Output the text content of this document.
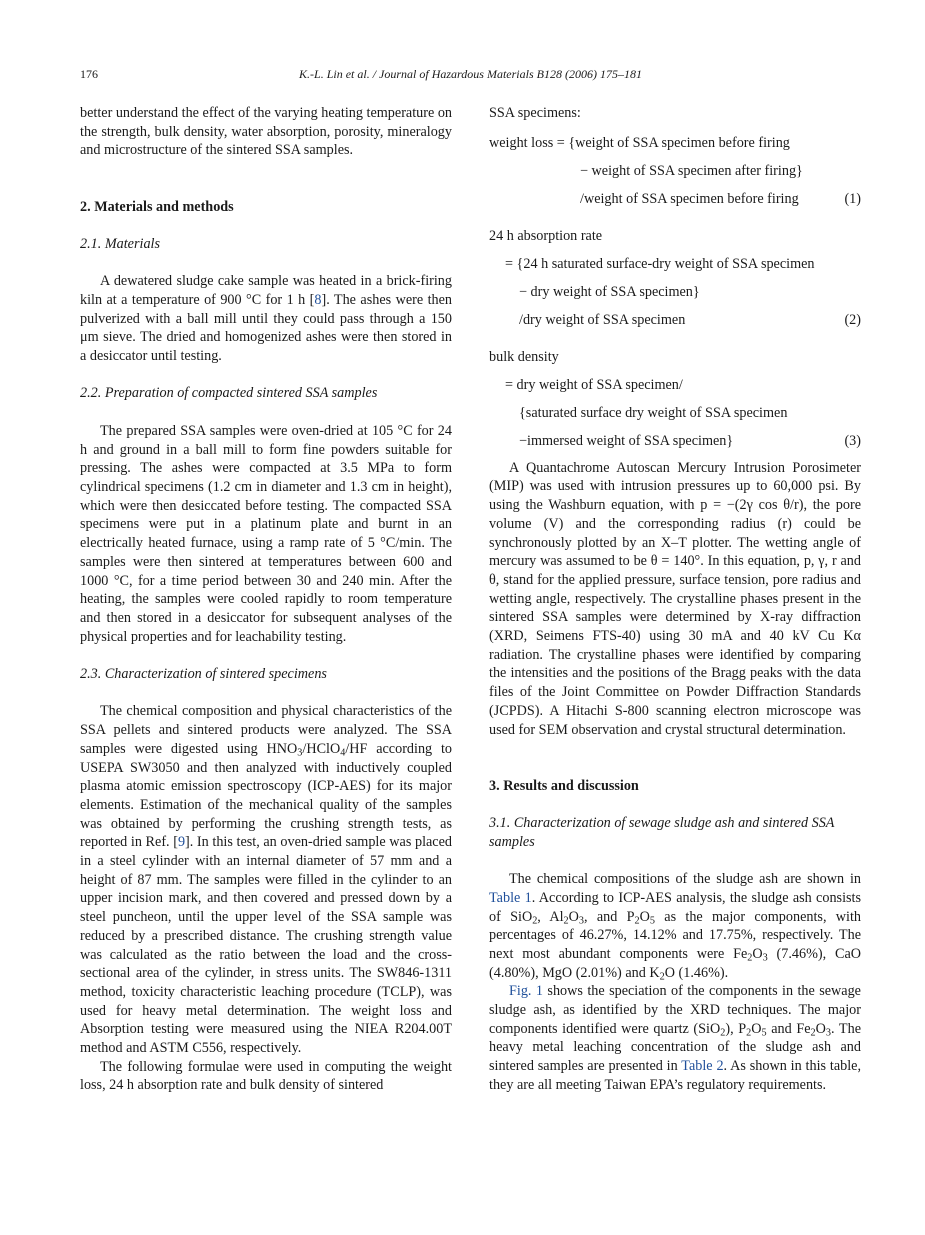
176	K.-L. Lin et al. / Journal of Hazardous Materials B128 (2006) 175–181

better understand the effect of the varying heating temperature on the strength, bulk density, water absorption, porosity, mineralogy and microstructure of the sintered SSA samples.

2. Materials and methods
2.1. Materials

A dewatered sludge cake sample was heated in a brick-firing kiln at a temperature of 900 °C for 1 h [8]. The ashes were then pulverized with a ball mill until they could pass through a 150 μm sieve. The dried and homogenized ashes were then stored in a desiccator until testing.

2.2. Preparation of compacted sintered SSA samples

The prepared SSA samples were oven-dried at 105 °C for 24 h and ground in a ball mill to form fine powders suitable for pressing. The ashes were compacted at 3.5 MPa to form cylindrical specimens (1.2 cm in diameter and 1.3 cm in height), which were then desiccated before testing. The compacted SSA specimens were put in a platinum plate and burnt in an electrically heated furnace, using a ramp rate of 5 °C/min. The samples were then sintered at temperatures between 600 and 1000 °C, for a time period between 30 and 240 min. After the heating, the samples were cooled rapidly to room temperature and then stored in a desiccator for subsequent analyses of the physical properties and for leachability testing.

2.3. Characterization of sintered specimens

The chemical composition and physical characteristics of the SSA pellets and sintered products were analyzed. The SSA samples were digested using $HNO_3/HClO_4/HF$ according to USEPA SW3050 and then analyzed with inductively coupled plasma atomic emission spectroscopy (ICP-AES) for its major elements. Estimation of the mechanical quality of the samples was obtained by performing the crushing strength tests, as reported in Ref. [9]. In this test, an oven-dried sample was placed in a steel cylinder with an internal diameter of 57 mm and a height of 87 mm. The samples were filled in the cylinder to an upper incision mark, and then covered and pressed down by a steel puncheon, until the upper level of the SSA sample was reduced by a prescribed distance. The crushing strength value was calculated as the ratio between the load and the cross-sectional area of the cylinder, in stress units. The SW846-1311 method, toxicity characteristic leaching procedure (TCLP), was used for heavy metal determination. The weight loss and Absorption testing were measured using the NIEA R204.00T method and ASTM C556, respectively.

The following formulae were used in computing the weight loss, 24 h absorption rate and bulk density of sintered

SSA specimens:

weight loss = {weight of SSA specimen before firing
− weight of SSA specimen after firing}
/weight of SSA specimen before firing	(1)
24 h absorption rate
= {24 h saturated surface-dry weight of SSA specimen
− dry weight of SSA specimen}
/dry weight of SSA specimen	(2)
bulk density
= dry weight of SSA specimen/
{saturated surface dry weight of SSA specimen
−immersed weight of SSA specimen}	(3)

A Quantachrome Autoscan Mercury Intrusion Porosimeter (MIP) was used with intrusion pressures up to 60,000 psi. By using the Washburn equation, with p = −(2γ cos θ/r), the pore volume (V) and the corresponding radius (r) could be synchronously plotted by an X–T plotter. The wetting angle of mercury was assumed to be θ = 140°. In this equation, p, γ, r and θ, stand for the applied pressure, surface tension, pore radius and wetting angle, respectively. The crystalline phases present in the sintered SSA samples were determined by X-ray diffraction (XRD, Seimens FTS-40) using 30 mA and 40 kV Cu Kα radiation. The crystalline phases were identified by comparing the intensities and the positions of the Bragg peaks with the data files of the Joint Committee on Powder Diffraction Standards (JCPDS). A Hitachi S-800 scanning electron microscope was used for SEM observation and crystal structural determination.

3. Results and discussion
3.1. Characterization of sewage sludge ash and sintered SSA samples

The chemical compositions of the sludge ash are shown in Table 1. According to ICP-AES analysis, the sludge ash consists of SiO$_2$, $Al_2O_3$, and $P_2O_5$ as the major components, with percentages of 46.27%, 14.12% and 17.75%, respectively. The next most abundant components were $Fe_2O_3$ (7.46%), CaO (4.80%), MgO (2.01%) and $K_2O$ (1.46%).

Fig. 1 shows the speciation of the components in the sewage sludge ash, as identified by the XRD techniques. The major components identified were quartz (SiO$_2$), $P_2O_5$ and $Fe_2O_3$. The heavy metal leaching concentration of the sludge ash and sintered samples are presented in Table 2. As shown in this table, they are all meeting Taiwan EPA’s regulatory requirements.
